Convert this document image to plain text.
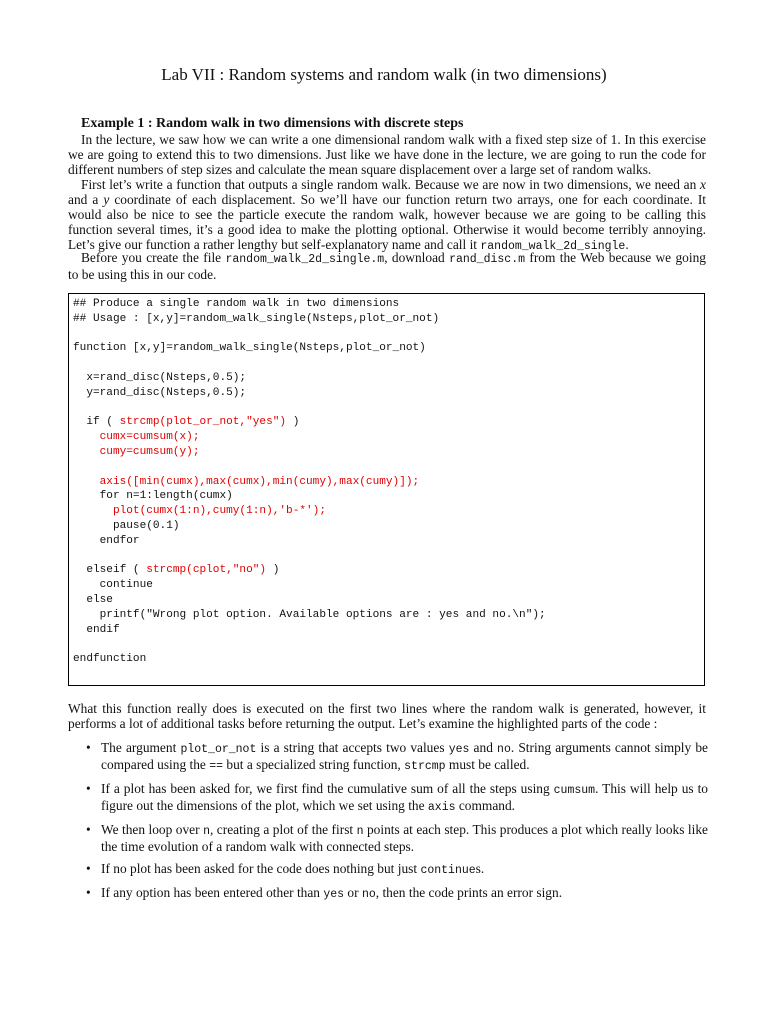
Lab VII : Random systems and random walk (in two dimensions)
Example 1 : Random walk in two dimensions with discrete steps
In the lecture, we saw how we can write a one dimensional random walk with a fixed step size of 1. In this exercise we are going to extend this to two dimensions. Just like we have done in the lecture, we are going to run the code for different numbers of step sizes and calculate the mean square displacement over a large set of random walks.
First let’s write a function that outputs a single random walk. Because we are now in two dimensions, we need an x and a y coordinate of each displacement. So we’ll have our function return two arrays, one for each coordinate. It would also be nice to see the particle execute the random walk, however because we are going to be calling this function several times, it’s a good idea to make the plotting optional. Otherwise it would become terribly annoying. Let’s give our function a rather lengthy but self-explanatory name and call it random_walk_2d_single.
Before you create the file random_walk_2d_single.m, download rand_disc.m from the Web because we going to be using this in our code.
## Produce a single random walk in two dimensions
## Usage : [x,y]=random_walk_single(Nsteps,plot_or_not)

function [x,y]=random_walk_single(Nsteps,plot_or_not)

x=rand_disc(Nsteps,0.5);
y=rand_disc(Nsteps,0.5);

if ( strcmp(plot_or_not,"yes") )
cumx=cumsum(x);
cumy=cumsum(y);

axis([min(cumx),max(cumx),min(cumy),max(cumy)]);
for n=1:length(cumx)
plot(cumx(1:n),cumy(1:n),'b-*');
pause(0.1)
endfor

elseif ( strcmp(cplot,"no") )
continue
else
printf("Wrong plot option. Available options are : yes and no.\n");
endif

endfunction
What this function really does is executed on the first two lines where the random walk is generated, however, it performs a lot of additional tasks before returning the output. Let’s examine the highlighted parts of the code :
• The argument plot_or_not is a string that accepts two values yes and no. String arguments cannot simply be compared using the == but a specialized string function, strcmp must be called.
• If a plot has been asked for, we first find the cumulative sum of all the steps using cumsum. This will help us to figure out the dimensions of the plot, which we set using the axis command.
• We then loop over n, creating a plot of the first n points at each step. This produces a plot which really looks like the time evolution of a random walk with connected steps.
• If no plot has been asked for the code does nothing but just continues.
• If any option has been entered other than yes or no, then the code prints an error sign.
